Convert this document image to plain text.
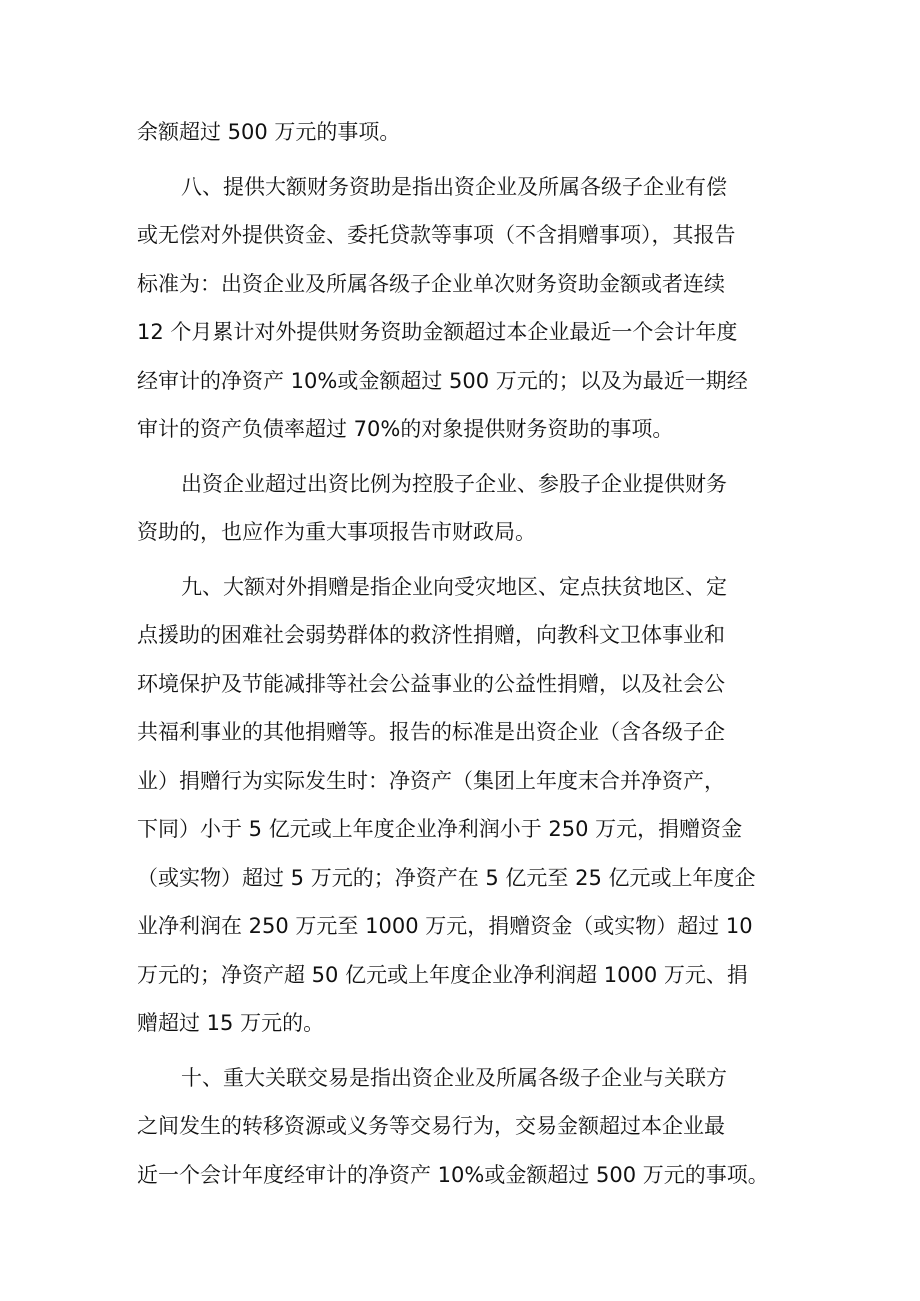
余额超过 500 万元的事项。
八、提供大额财务资助是指出资企业及所属各级子企业有偿
或无偿对外提供资金、委托贷款等事项（不含捐赠事项），其报告
标准为：出资企业及所属各级子企业单次财务资助金额或者连续
12 个月累计对外提供财务资助金额超过本企业最近一个会计年度
经审计的净资产 10%或金额超过 500 万元的；以及为最近一期经
审计的资产负债率超过 70%的对象提供财务资助的事项。
出资企业超过出资比例为控股子企业、参股子企业提供财务
资助的，也应作为重大事项报告市财政局。
九、大额对外捐赠是指企业向受灾地区、定点扶贫地区、定
点援助的困难社会弱势群体的救济性捐赠，向教科文卫体事业和
环境保护及节能减排等社会公益事业的公益性捐赠，以及社会公
共福利事业的其他捐赠等。报告的标准是出资企业（含各级子企
业）捐赠行为实际发生时：净资产（集团上年度末合并净资产，
下同）小于 5 亿元或上年度企业净利润小于 250 万元，捐赠资金
（或实物）超过 5 万元的；净资产在 5 亿元至 25 亿元或上年度企
业净利润在 250 万元至 1000 万元，捐赠资金（或实物）超过 10
万元的；净资产超 50 亿元或上年度企业净利润超 1000 万元、捐
赠超过 15 万元的。
十、重大关联交易是指出资企业及所属各级子企业与关联方
之间发生的转移资源或义务等交易行为，交易金额超过本企业最
近一个会计年度经审计的净资产 10%或金额超过 500 万元的事项。
